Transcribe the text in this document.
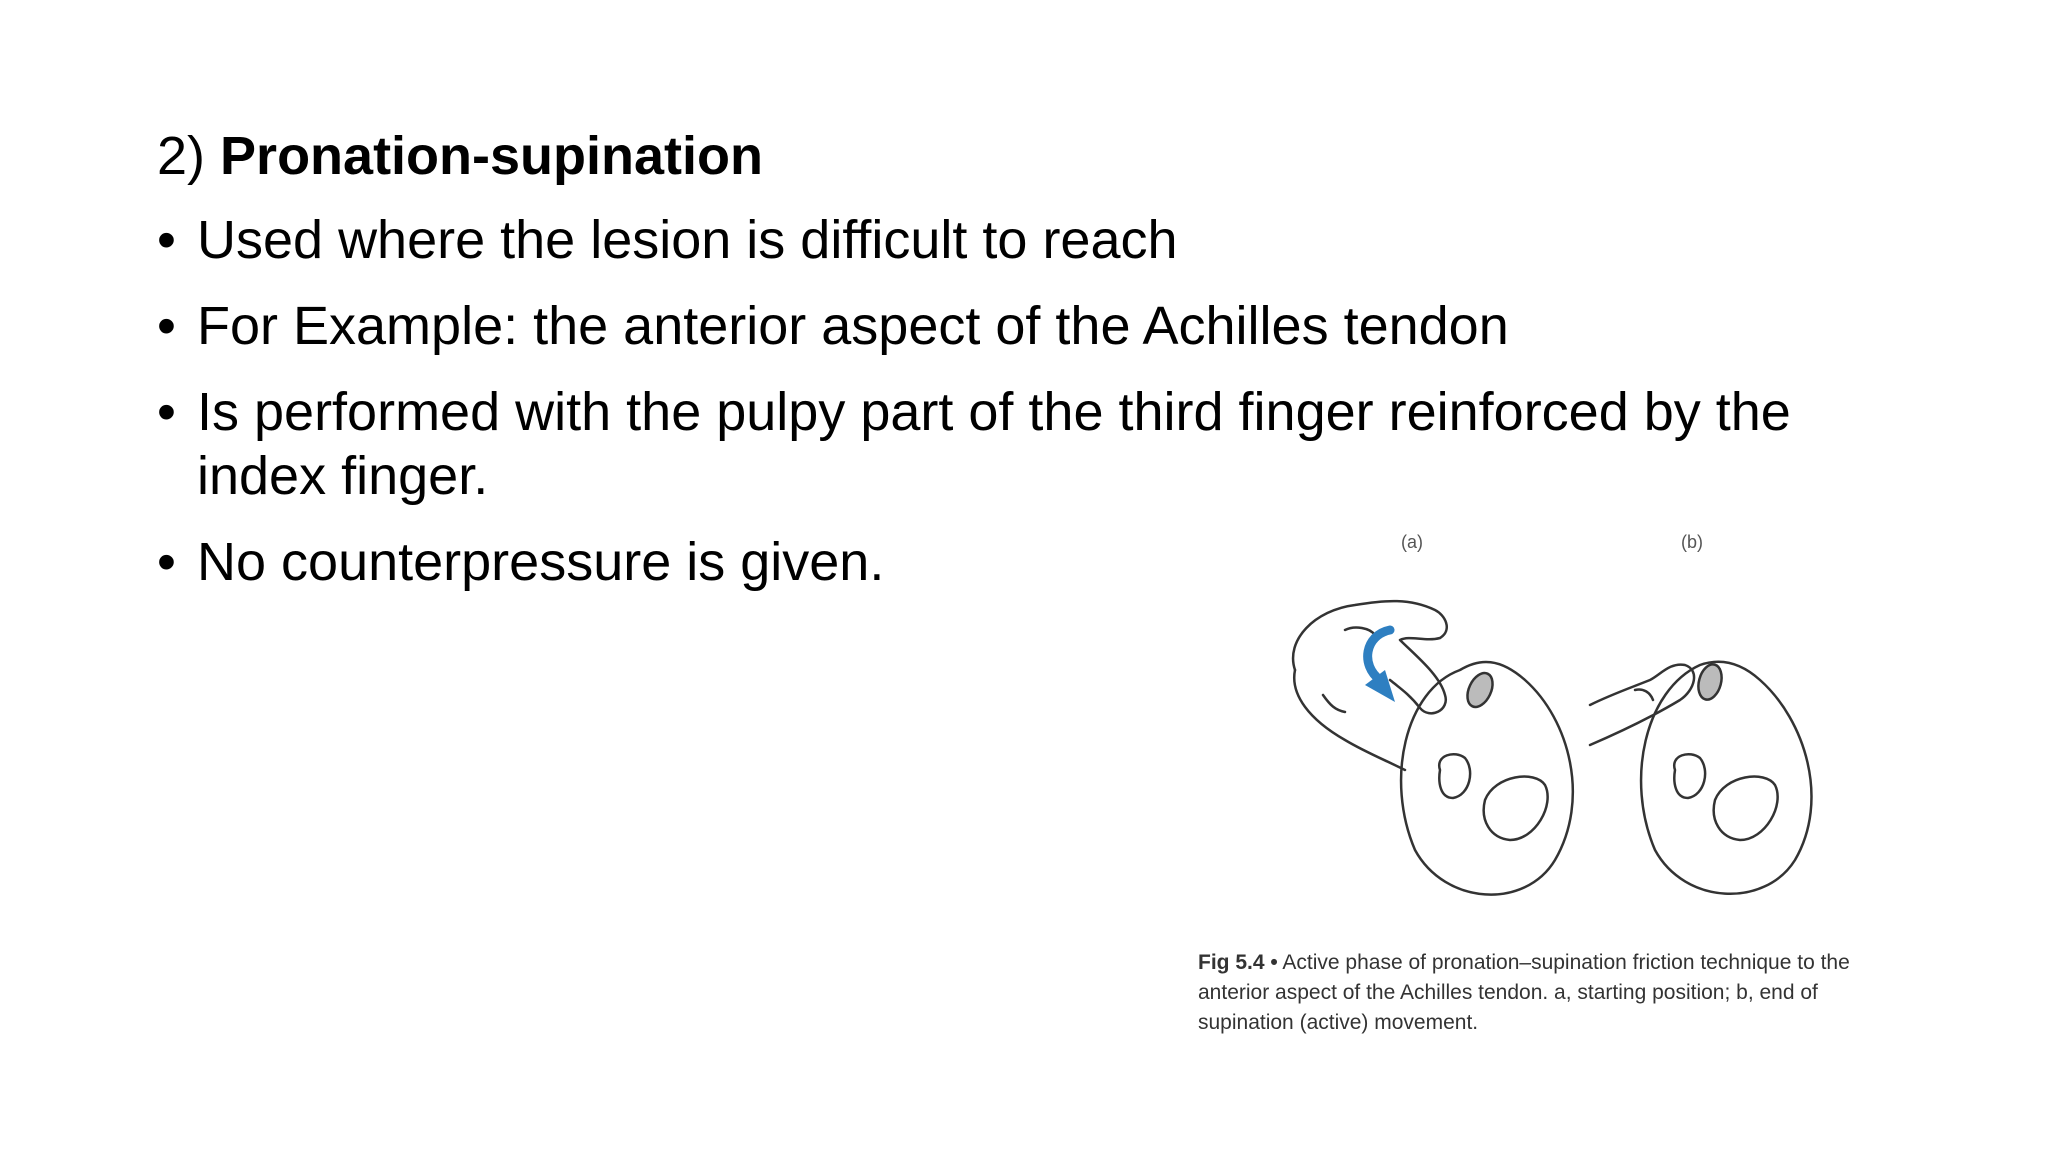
2) Pronation-supination
• Used where the lesion is difficult to reach
• For Example: the anterior aspect of the Achilles tendon
• Is performed with the pulpy part of the third finger reinforced by the index finger.
• No counterpressure is given.	(a)	(b)
Fig 5.4 • Active phase of pronation–supination friction technique to the anterior aspect of the Achilles tendon. a, starting position; b, end of supination (active) movement.
